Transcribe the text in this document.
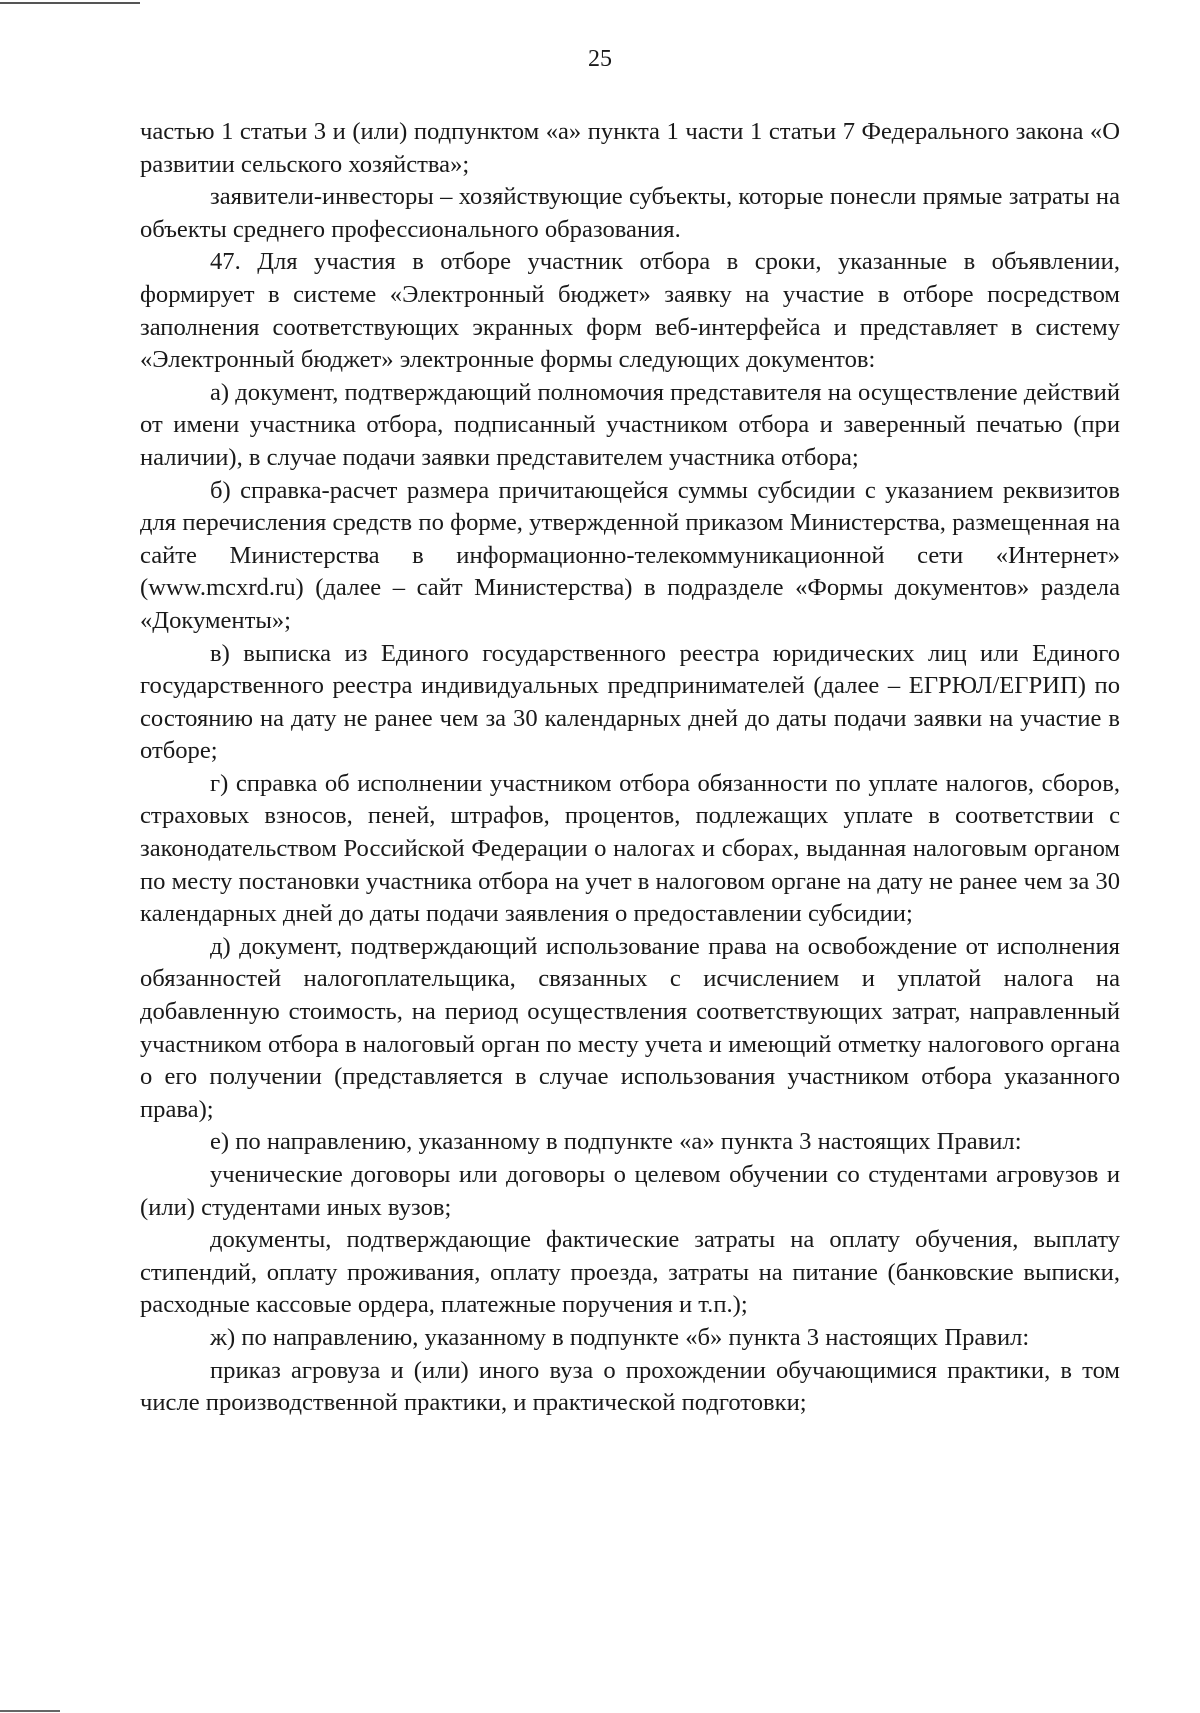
25

частью 1 статьи 3 и (или) подпунктом «а» пункта 1 части 1 статьи 7 Федерального закона «О развитии сельского хозяйства»;

заявители-инвесторы – хозяйствующие субъекты, которые понесли прямые затраты на объекты среднего профессионального образования.

47. Для участия в отборе участник отбора в сроки, указанные в объявлении, формирует в системе «Электронный бюджет» заявку на участие в отборе посредством заполнения соответствующих экранных форм веб-интерфейса и представляет в систему «Электронный бюджет» электронные формы следующих документов:

а) документ, подтверждающий полномочия представителя на осуществление действий от имени участника отбора, подписанный участником отбора и заверенный печатью (при наличии), в случае подачи заявки представителем участника отбора;

б) справка-расчет размера причитающейся суммы субсидии с указанием реквизитов для перечисления средств по форме, утвержденной приказом Министерства, размещенная на сайте Министерства в информационно-телекоммуникационной сети «Интернет» (www.mcxrd.ru) (далее – сайт Министерства) в подразделе «Формы документов» раздела «Документы»;

в) выписка из Единого государственного реестра юридических лиц или Единого государственного реестра индивидуальных предпринимателей (далее – ЕГРЮЛ/ЕГРИП) по состоянию на дату не ранее чем за 30 календарных дней до даты подачи заявки на участие в отборе;

г) справка об исполнении участником отбора обязанности по уплате налогов, сборов, страховых взносов, пеней, штрафов, процентов, подлежащих уплате в соответствии с законодательством Российской Федерации о налогах и сборах, выданная налоговым органом по месту постановки участника отбора на учет в налоговом органе на дату не ранее чем за 30 календарных дней до даты подачи заявления о предоставлении субсидии;

д) документ, подтверждающий использование права на освобождение от исполнения обязанностей налогоплательщика, связанных с исчислением и уплатой налога на добавленную стоимость, на период осуществления соответствующих затрат, направленный участником отбора в налоговый орган по месту учета и имеющий отметку налогового органа о его получении (представляется в случае использования участником отбора указанного права);

е) по направлению, указанному в подпункте «а» пункта 3 настоящих Правил:

ученические договоры или договоры о целевом обучении со студентами агровузов и (или) студентами иных вузов;

документы, подтверждающие фактические затраты на оплату обучения, выплату стипендий, оплату проживания, оплату проезда, затраты на питание (банковские выписки, расходные кассовые ордера, платежные поручения и т.п.);

ж) по направлению, указанному в подпункте «б» пункта 3 настоящих Правил:

приказ агровуза и (или) иного вуза о прохождении обучающимися практики, в том числе производственной практики, и практической подготовки;
